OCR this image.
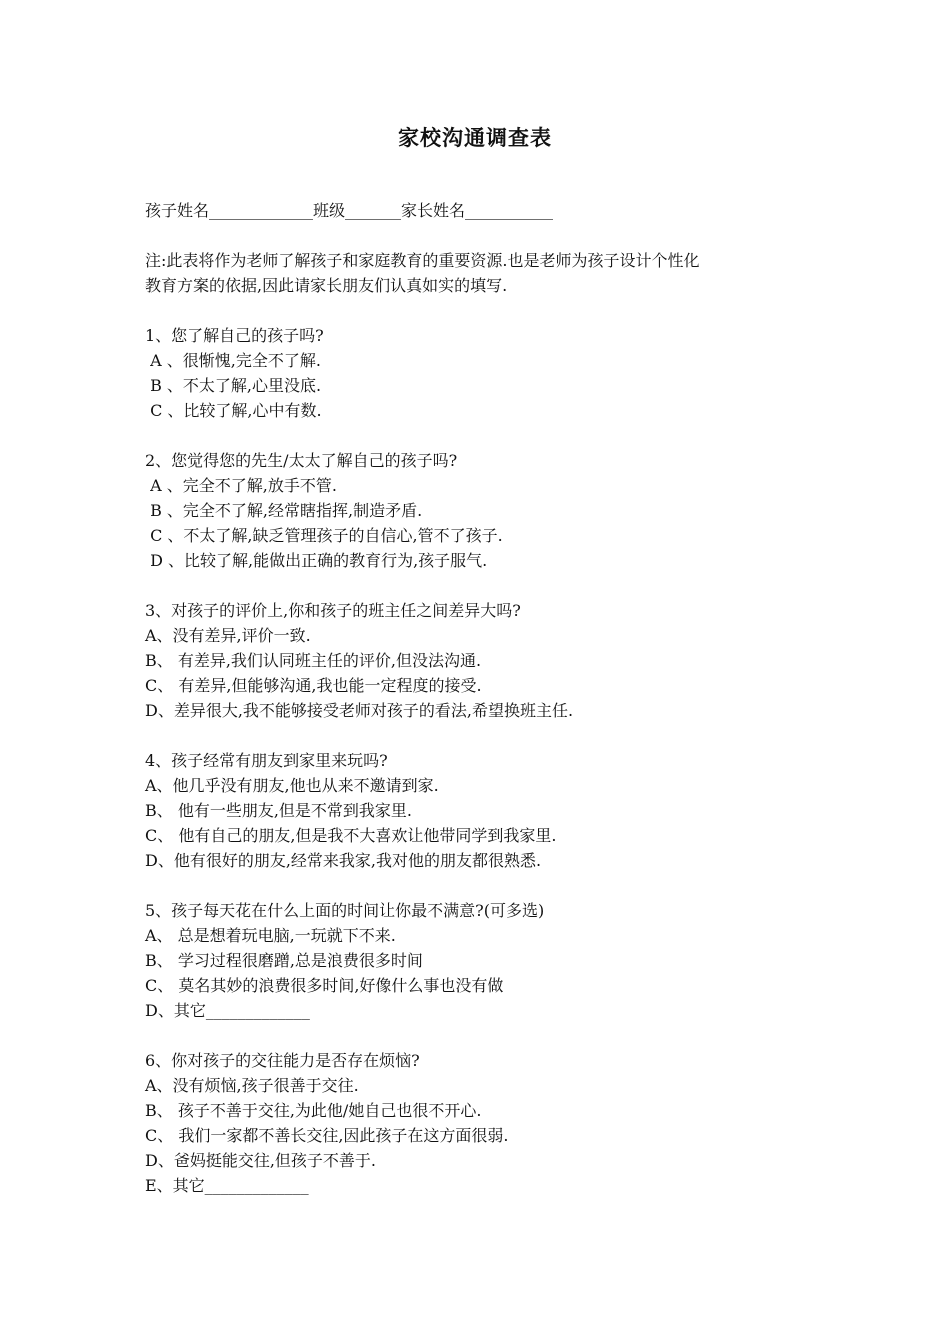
家校沟通调查表
孩子姓名_____________班级_______家长姓名___________
注:此表将作为老师了解孩子和家庭教育的重要资源.也是老师为孩子设计个性化
教育方案的依据,因此请家长朋友们认真如实的填写.
1、您了解自己的孩子吗?
A 、很惭愧,完全不了解.
B 、不太了解,心里没底.
C 、比较了解,心中有数.
2、您觉得您的先生/太太了解自己的孩子吗?
A 、完全不了解,放手不管.
B 、完全不了解,经常瞎指挥,制造矛盾.
C 、不太了解,缺乏管理孩子的自信心,管不了孩子.
D 、比较了解,能做出正确的教育行为,孩子服气.
3、对孩子的评价上,你和孩子的班主任之间差异大吗?
A、没有差异,评价一致.
B、 有差异,我们认同班主任的评价,但没法沟通.
C、 有差异,但能够沟通,我也能一定程度的接受.
D、差异很大,我不能够接受老师对孩子的看法,希望换班主任.
4、孩子经常有朋友到家里来玩吗?
A、他几乎没有朋友,他也从来不邀请到家.
B、 他有一些朋友,但是不常到我家里.
C、 他有自己的朋友,但是我不大喜欢让他带同学到我家里.
D、他有很好的朋友,经常来我家,我对他的朋友都很熟悉.
5、孩子每天花在什么上面的时间让你最不满意?(可多选)
A、 总是想着玩电脑,一玩就下不来.
B、 学习过程很磨蹭,总是浪费很多时间
C、 莫名其妙的浪费很多时间,好像什么事也没有做
D、其它_____________
6、你对孩子的交往能力是否存在烦恼?
A、没有烦恼,孩子很善于交往.
B、 孩子不善于交往,为此他/她自己也很不开心.
C、 我们一家都不善长交往,因此孩子在这方面很弱.
D、爸妈挺能交往,但孩子不善于.
E、其它_____________
